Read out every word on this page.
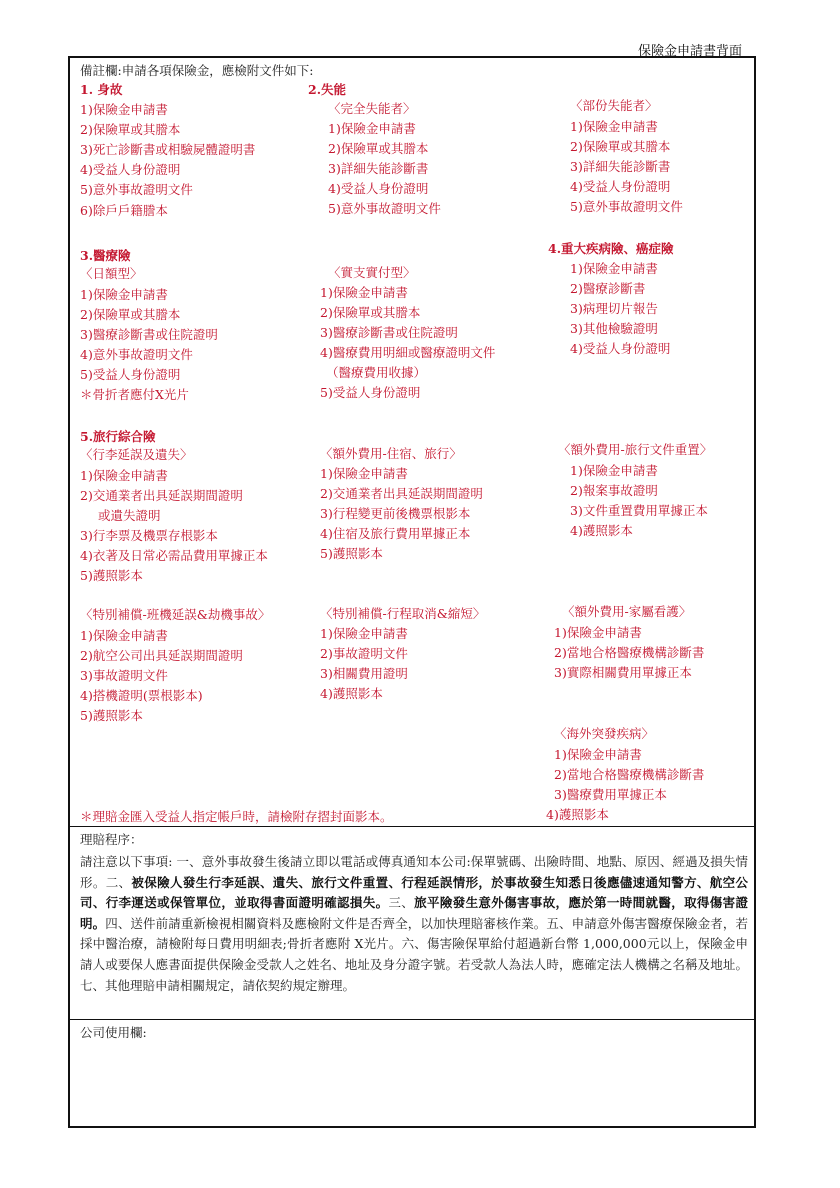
保險金申請書背面
備註欄:申請各項保險金，應檢附文件如下:
1. 身故
1)保險金申請書
2)保險單或其謄本
3)死亡診斷書或相驗屍體證明書
4)受益人身份證明
5)意外事故證明文件
6)除戶戶籍謄本
2.失能
〈完全失能者〉
1)保險金申請書
2)保險單或其謄本
3)詳細失能診斷書
4)受益人身份證明
5)意外事故證明文件
〈部份失能者〉
1)保險金申請書
2)保險單或其謄本
3)詳細失能診斷書
4)受益人身份證明
5)意外事故證明文件
3.醫療險
〈日額型〉
1)保險金申請書
2)保險單或其謄本
3)醫療診斷書或住院證明
4)意外事故證明文件
5)受益人身份證明
＊骨折者應付X光片
〈實支實付型〉
1)保險金申請書
2)保險單或其謄本
3)醫療診斷書或住院證明
4)醫療費用明細或醫療證明文件
（醫療費用收據）
5)受益人身份證明
4.重大疾病險、癌症險
1)保險金申請書
2)醫療診斷書
3)病理切片報告
3)其他檢驗證明
4)受益人身份證明
5.旅行綜合險
〈行李延誤及遺失〉
1)保險金申請書
2)交通業者出具延誤期間證明
或遺失證明
3)行李票及機票存根影本
4)衣著及日常必需品費用單據正本
5)護照影本
〈額外費用-住宿、旅行〉
1)保險金申請書
2)交通業者出具延誤期間證明
3)行程變更前後機票根影本
4)住宿及旅行費用單據正本
5)護照影本
〈額外費用-旅行文件重置〉
1)保險金申請書
2)報案事故證明
3)文件重置費用單據正本
4)護照影本
〈特別補償-班機延誤&劫機事故〉
1)保險金申請書
2)航空公司出具延誤期間證明
3)事故證明文件
4)搭機證明(票根影本)
5)護照影本
〈特別補償-行程取消&縮短〉
1)保險金申請書
2)事故證明文件
3)相關費用證明
4)護照影本
〈額外費用-家屬看護〉
1)保險金申請書
2)當地合格醫療機構診斷書
3)實際相關費用單據正本
〈海外突發疾病〉
1)保險金申請書
2)當地合格醫療機構診斷書
3)醫療費用單據正本
4)護照影本
＊理賠金匯入受益人指定帳戶時，請檢附存摺封面影本。
理賠程序：

請注意以下事項: 一、意外事故發生後請立即以電話或傳真通知本公司:保單號碼、出險時間、地點、原因、經過及損失情形。二、被保險人發生行李延誤、遺失、旅行文件重置、行程延誤情形，於事故發生知悉日後應儘速通知警方、航空公司、行李運送或保管單位，並取得書面證明確認損失。三、旅平險發生意外傷害事故，應於第一時間就醫，取得傷害證明。四、送件前請重新檢視相關資料及應檢附文件是否齊全，以加快理賠審核作業。五、申請意外傷害醫療保險金者，若採中醫治療，請檢附每日費用明細表;骨折者應附 X光片。六、傷害險保單給付超過新台幣 1,000,000元以上，保險金申請人或要保人應書面提供保險金受款人之姓名、地址及身分證字號。若受款人為法人時，應確定法人機構之名稱及地址。七、其他理賠申請相關規定，請依契約規定辦理。

公司使用欄:
